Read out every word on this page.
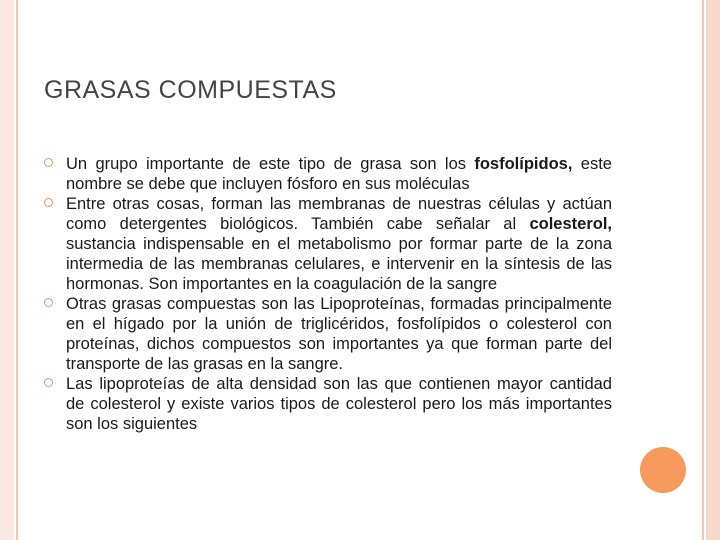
GRASAS COMPUESTAS
Un grupo importante de este tipo de grasa son los fosfolípidos, este nombre se debe que incluyen fósforo en sus moléculas
Entre otras cosas, forman las membranas de nuestras células y actúan como detergentes biológicos. También cabe señalar al colesterol, sustancia indispensable en el metabolismo por formar parte de la zona intermedia de las membranas celulares, e intervenir en la síntesis de las hormonas. Son importantes en la coagulación de la sangre
Otras grasas compuestas son las Lipoproteínas, formadas principalmente en el hígado por la unión de triglicéridos, fosfolípidos o colesterol con proteínas, dichos compuestos son importantes ya que forman parte del transporte de las grasas en la sangre.
Las lipoproteías de alta densidad son las que contienen mayor cantidad de colesterol y existe varios tipos de colesterol pero los más importantes son los siguientes
